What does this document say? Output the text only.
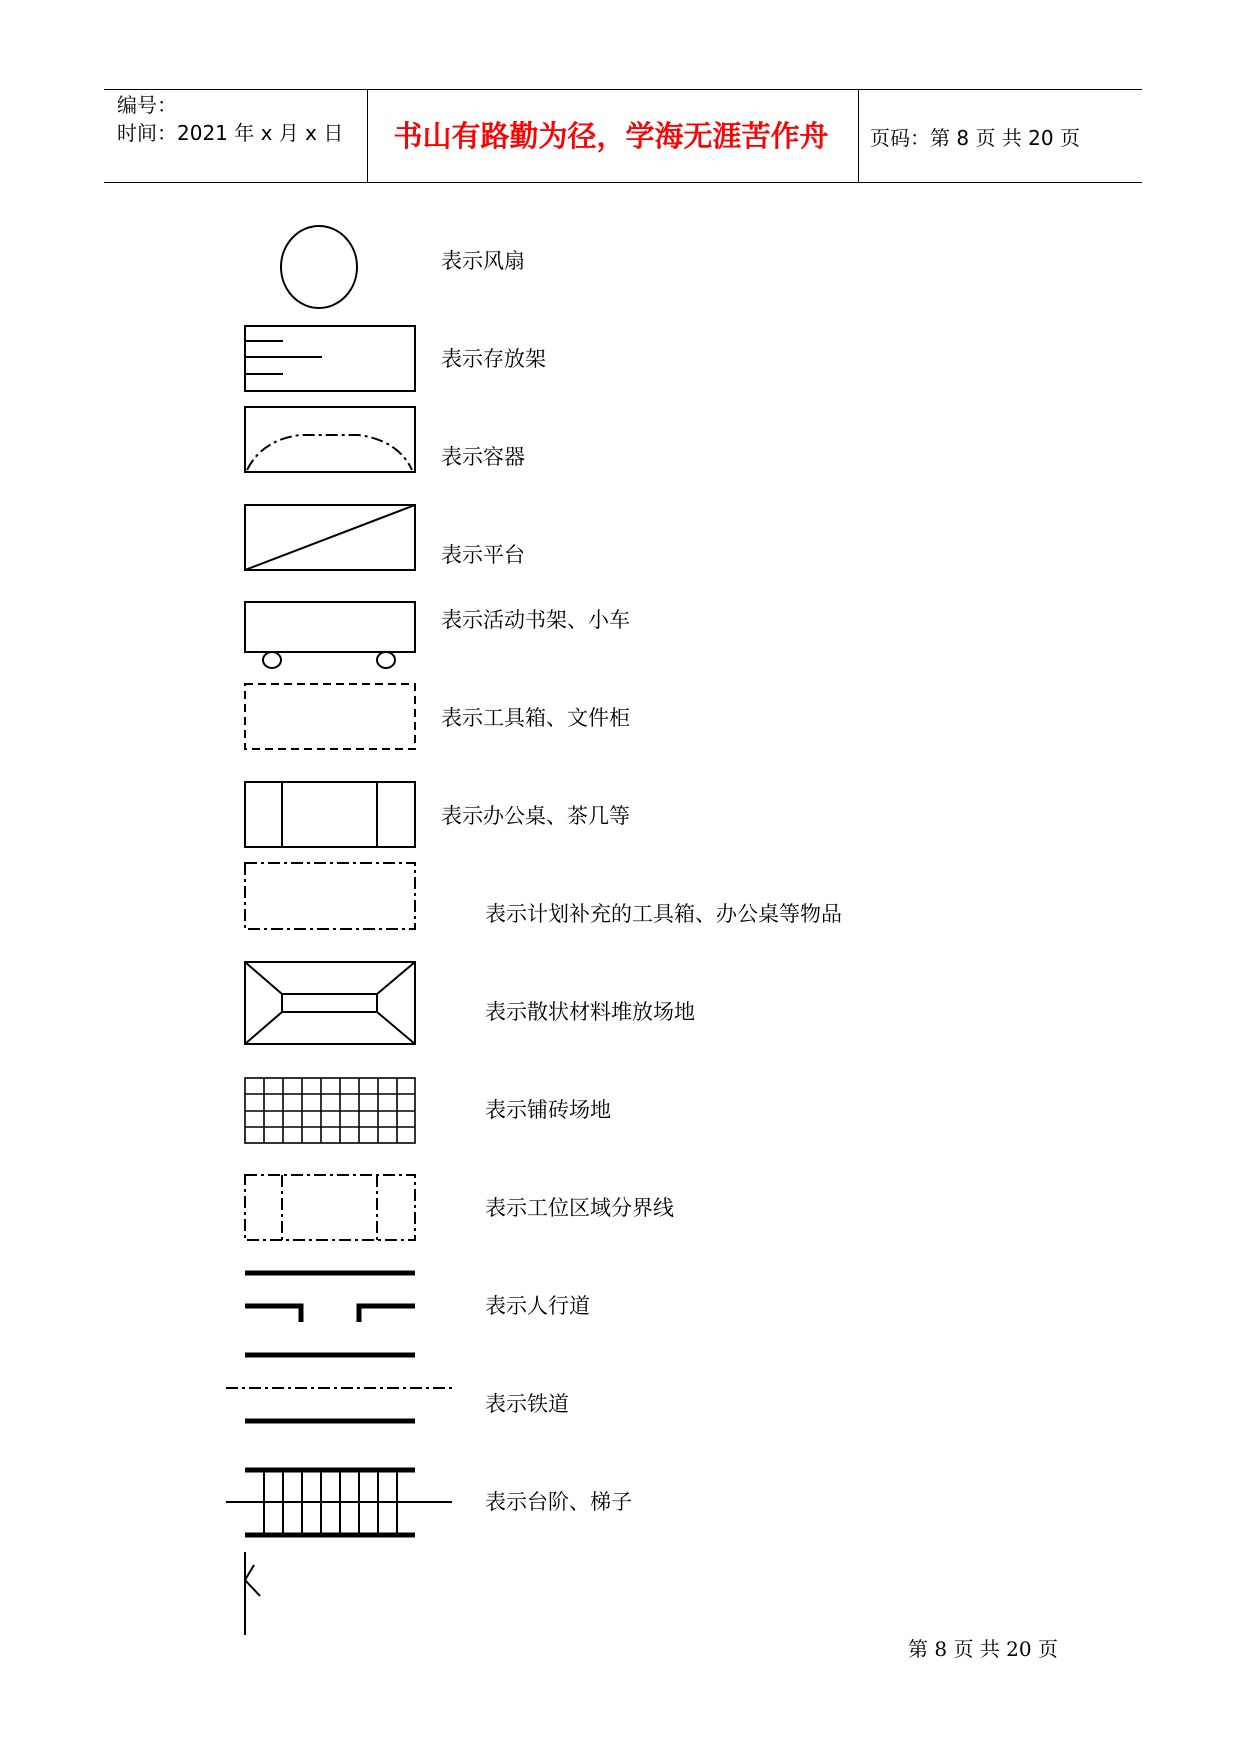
编号：
时间：2021 年 x 月 x 日	书山有路勤为径，学海无涯苦作舟	页码：第 8 页 共 20 页
表示风扇
表示存放架
表示容器
表示平台
表示活动书架、小车
表示工具箱、文件柜
表示办公桌、茶几等
表示计划补充的工具箱、办公桌等物品
表示散状材料堆放场地
表示铺砖场地
表示工位区域分界线
表示人行道
表示铁道
表示台阶、梯子
第 8 页 共 20 页
